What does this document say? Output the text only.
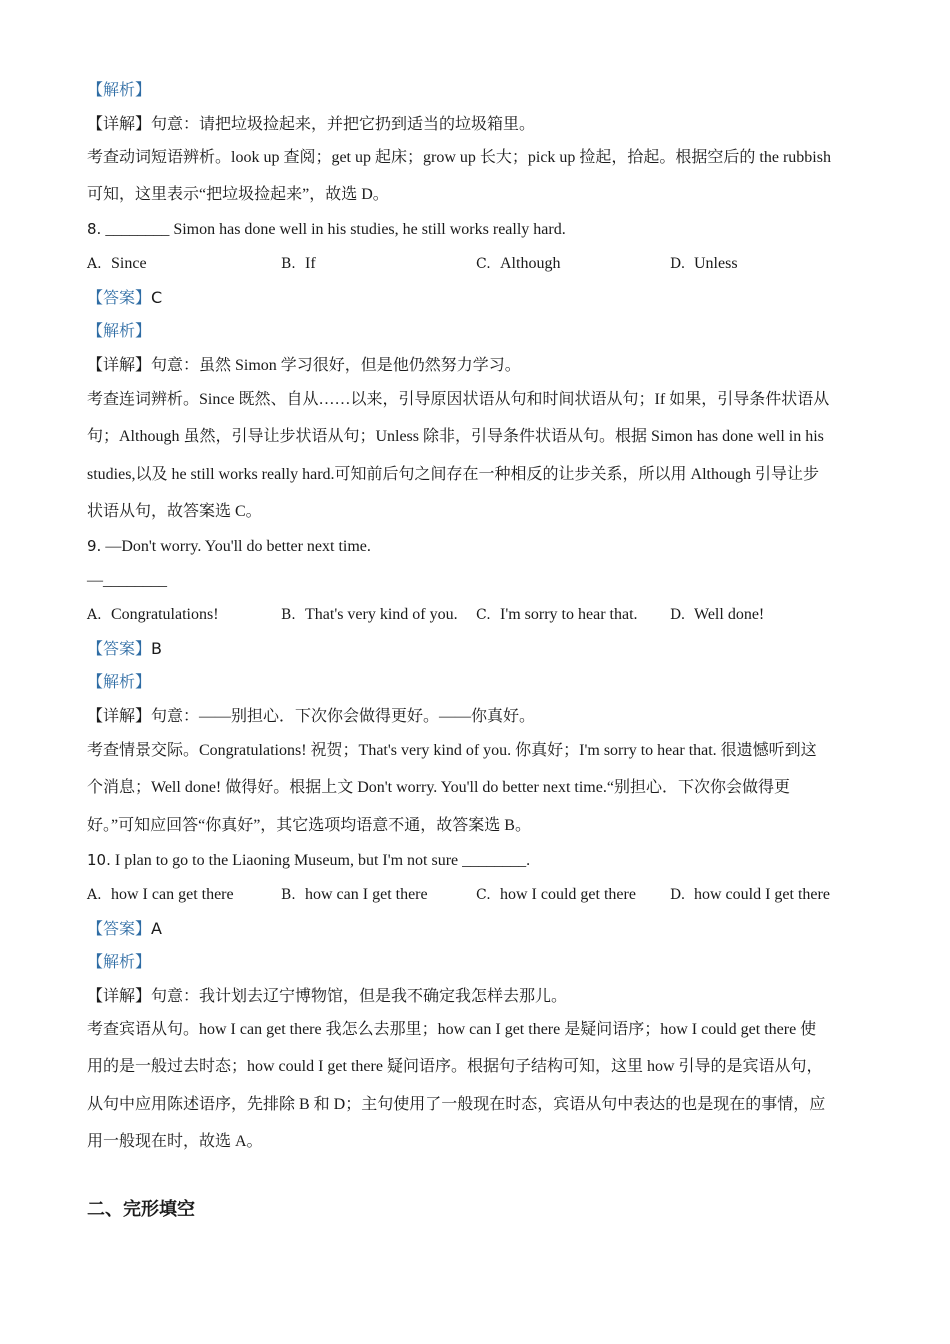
【解析】
【详解】句意：请把垃圾捡起来，并把它扔到适当的垃圾箱里。
考查动词短语辨析。look up 查阅；get up 起床；grow up 长大；pick up 捡起，拾起。根据空后的 the rubbish
可知，这里表示“把垃圾捡起来”，故选 D。
8. ________ Simon has done well in his studies, he still works really hard.
A. Since	B. If	C. Although	D. Unless
【答案】C
【解析】
【详解】句意：虽然 Simon 学习很好，但是他仍然努力学习。
考查连词辨析。Since 既然、自从……以来，引导原因状语从句和时间状语从句；If 如果，引导条件状语从
句；Although 虽然，引导让步状语从句；Unless 除非，引导条件状语从句。根据 Simon has done well in his
studies,以及 he still works really hard.可知前后句之间存在一种相反的让步关系，所以用 Although 引导让步
状语从句，故答案选 C。
9. —Don't worry. You'll do better next time.
—________
A. Congratulations!	B. That's very kind of you. C. I'm sorry to hear that. D. Well done!
【答案】B
【解析】
【详解】句意：——别担心．下次你会做得更好。——你真好。
考查情景交际。Congratulations! 祝贺；That's very kind of you. 你真好；I'm sorry to hear that. 很遗憾听到这
个消息；Well done! 做得好。根据上文 Don't worry. You'll do better next time.“别担心．下次你会做得更
好。”可知应回答“你真好”，其它选项均语意不通，故答案选 B。
10. I plan to go to the Liaoning Museum, but I'm not sure ________.
A. how I can get there	B. how can I get there	C. how I could get there D. how could I get there
【答案】A
【解析】
【详解】句意：我计划去辽宁博物馆，但是我不确定我怎样去那儿。
考查宾语从句。how I can get there 我怎么去那里；how can I get there 是疑问语序；how I could get there 使
用的是一般过去时态；how could I get there 疑问语序。根据句子结构可知，这里 how 引导的是宾语从句，
从句中应用陈述语序，先排除 B 和 D；主句使用了一般现在时态，宾语从句中表达的也是现在的事情，应
用一般现在时，故选 A。
二、完形填空
